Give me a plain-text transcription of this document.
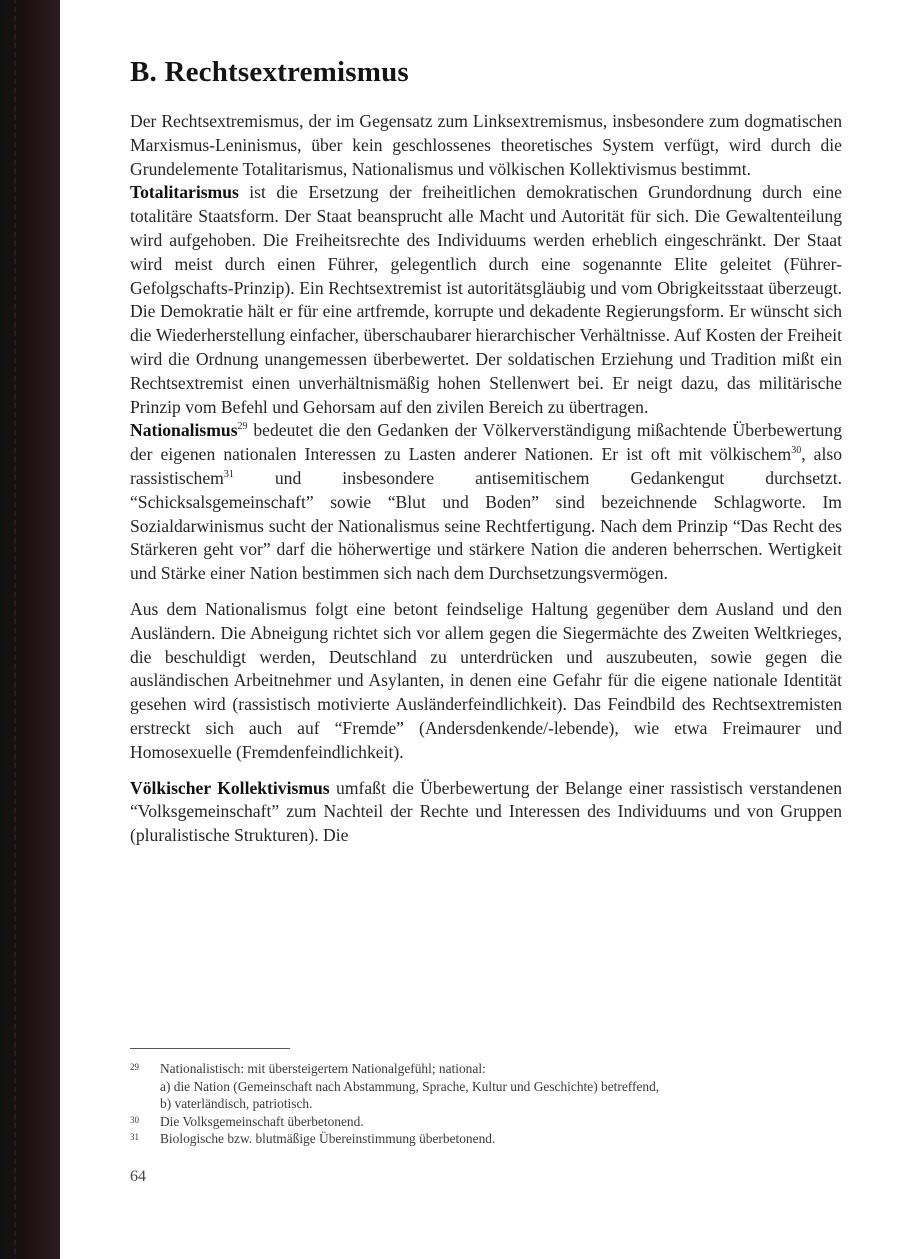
B. Rechtsextremismus

Der Rechtsextremismus, der im Gegensatz zum Linksextremismus, insbesondere zum dogmatischen Marxismus-Leninismus, über kein geschlossenes theoretisches System verfügt, wird durch die Grundelemente Totalitarismus, Nationalismus und völkischen Kollektivismus bestimmt.

Totalitarismus ist die Ersetzung der freiheitlichen demokratischen Grundordnung durch eine totalitäre Staatsform. Der Staat beansprucht alle Macht und Autorität für sich. Die Gewaltenteilung wird aufgehoben. Die Freiheitsrechte des Individuums werden erheblich eingeschränkt. Der Staat wird meist durch einen Führer, gelegentlich durch eine sogenannte Elite geleitet (Führer-Gefolgschafts-Prinzip). Ein Rechtsextremist ist autoritätsgläubig und vom Obrigkeitsstaat überzeugt. Die Demokratie hält er für eine artfremde, korrupte und dekadente Regierungsform. Er wünscht sich die Wiederherstellung einfacher, überschaubarer hierarchischer Verhältnisse. Auf Kosten der Freiheit wird die Ordnung unangemessen überbewertet. Der soldatischen Erziehung und Tradition mißt ein Rechtsextremist einen unverhältnismäßig hohen Stellenwert bei. Er neigt dazu, das militärische Prinzip vom Befehl und Gehorsam auf den zivilen Bereich zu übertragen.

Nationalismus$^{29}$ bedeutet die den Gedanken der Völkerverständigung mißachtende Überbewertung der eigenen nationalen Interessen zu Lasten anderer Nationen. Er ist oft mit völkischem$^{30}$, also rassistischem$^{31}$ und insbesondere antisemitischem Gedankengut durchsetzt. “Schicksalsgemeinschaft” sowie “Blut und Boden” sind bezeichnende Schlagworte. Im Sozialdarwinismus sucht der Nationalismus seine Rechtfertigung. Nach dem Prinzip “Das Recht des Stärkeren geht vor” darf die höherwertige und stärkere Nation die anderen beherrschen. Wertigkeit und Stärke einer Nation bestimmen sich nach dem Durchsetzungsvermögen.

Aus dem Nationalismus folgt eine betont feindselige Haltung gegenüber dem Ausland und den Ausländern. Die Abneigung richtet sich vor allem gegen die Siegermächte des Zweiten Weltkrieges, die beschuldigt werden, Deutschland zu unterdrücken und auszubeuten, sowie gegen die ausländischen Arbeitnehmer und Asylanten, in denen eine Gefahr für die eigene nationale Identität gesehen wird (rassistisch motivierte Ausländerfeindlichkeit). Das Feindbild des Rechtsextremisten erstreckt sich auch auf “Fremde” (Andersdenkende/-lebende), wie etwa Freimaurer und Homosexuelle (Fremdenfeindlichkeit).

Völkischer Kollektivismus umfaßt die Überbewertung der Belange einer rassistisch verstandenen “Volksgemeinschaft” zum Nachteil der Rechte und Interessen des Individuums und von Gruppen (pluralistische Strukturen). Die

29	Nationalistisch: mit übersteigertem Nationalgefühl; national:
a) die Nation (Gemeinschaft nach Abstammung, Sprache, Kultur und Geschichte) betreffend,
b) vaterländisch, patriotisch.
30	Die Volksgemeinschaft überbetonend.
31	Biologische bzw. blutmäßige Übereinstimmung überbetonend.
64
